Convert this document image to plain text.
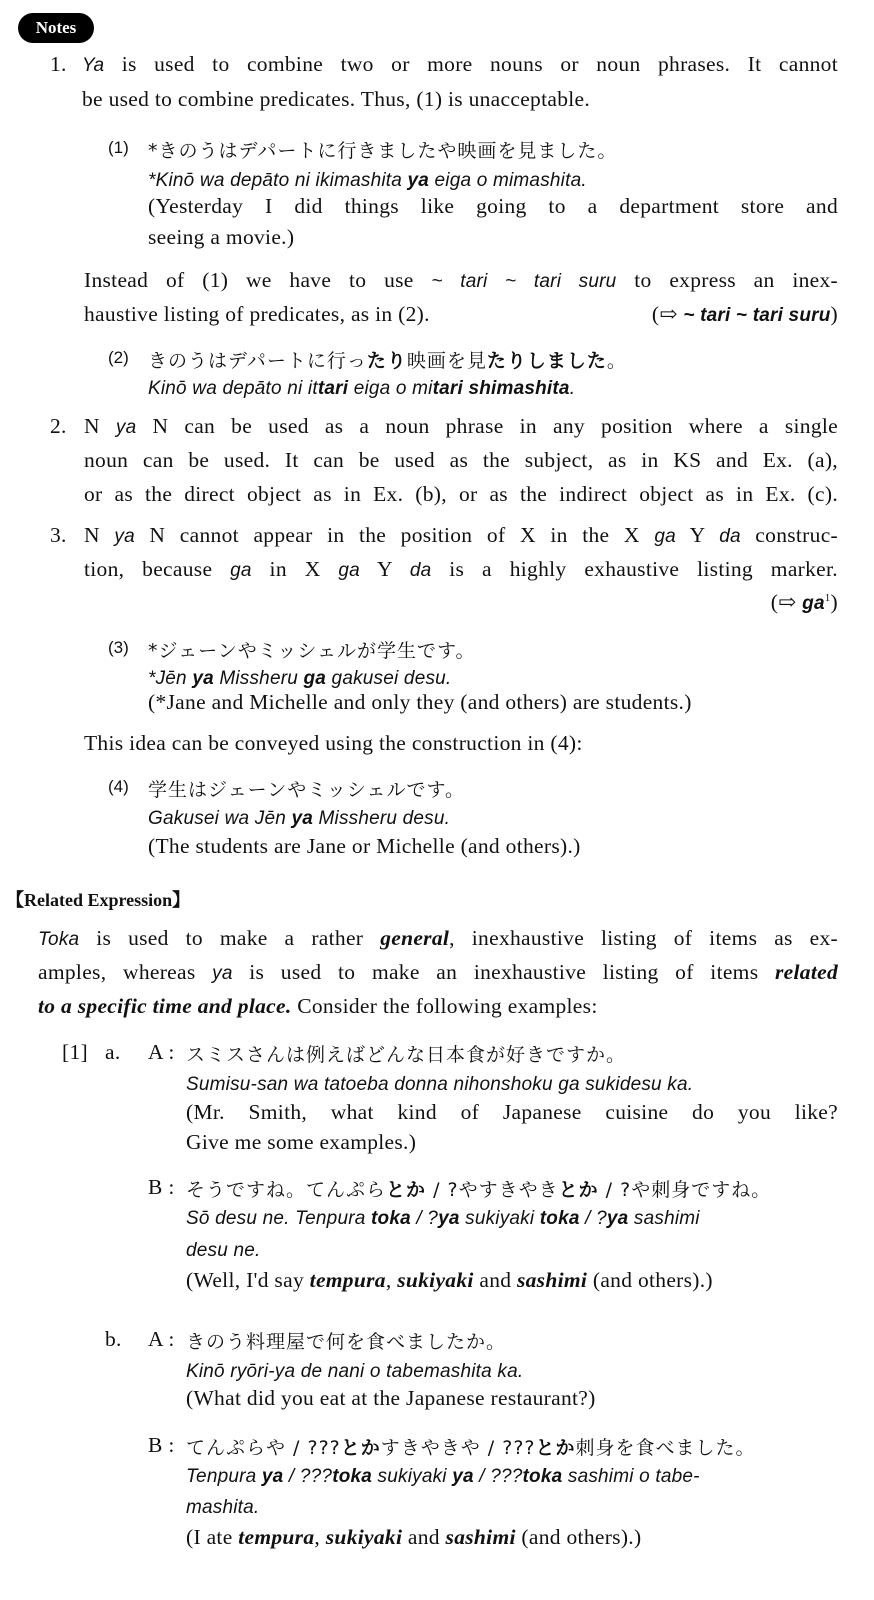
Notes
1. Ya is used to combine two or more nouns or noun phrases. It cannot
be used to combine predicates. Thus, (1) is unacceptable.
(1) *きのうはデパートに行きましたや映画を見ました。
*Kinō wa depāto ni ikimashita ya eiga o mimashita.
(Yesterday I did things like going to a department store and
seeing a movie.)
Instead of (1) we have to use ~ tari ~ tari suru to express an inex-
haustive listing of predicates, as in (2).	(⇨ ~ tari ~ tari suru)
(2) きのうはデパートに行ったり映画を見たりしました。
Kinō wa depāto ni ittari eiga o mitari shimashita.
2. N ya N can be used as a noun phrase in any position where a single
noun can be used. It can be used as the subject, as in KS and Ex. (a),
or as the direct object as in Ex. (b), or as the indirect object as in Ex. (c).
3. N ya N cannot appear in the position of X in the X ga Y da construc-
tion, because ga in X ga Y da is a highly exhaustive listing marker.
(⇨ $ga^1$)
(3) *ジェーンやミッシェルが学生です。
*Jēn ya Missheru ga gakusei desu.
(*Jane and Michelle and only they (and others) are students.)
This idea can be conveyed using the construction in (4):
(4) 学生はジェーンやミッシェルです。
Gakusei wa Jēn ya Missheru desu.
(The students are Jane or Michelle (and others).)
【Related Expression】
Toka is used to make a rather general, inexhaustive listing of items as ex-
amples, whereas ya is used to make an inexhaustive listing of items related
to a specific time and place. Consider the following examples:
[1] a. A : スミスさんは例えばどんな日本食が好きですか。
Sumisu-san wa tatoeba donna nihonshoku ga sukidesu ka.
(Mr. Smith, what kind of Japanese cuisine do you like?
Give me some examples.)
B : そうですね。てんぷらとか / ?やすきやきとか / ?や刺身ですね。
Sō desu ne. Tenpura toka / ?ya sukiyaki toka / ?ya sashimi
desu ne.
(Well, I'd say tempura, sukiyaki and sashimi (and others).)
b. A : きのう料理屋で何を食べましたか。
Kinō ryōri-ya de nani o tabemashita ka.
(What did you eat at the Japanese restaurant?)
B : てんぷらや / ???とかすきやきや / ???とか刺身を食べました。
Tenpura ya / ???toka sukiyaki ya / ???toka sashimi o tabe-
mashita.
(I ate tempura, sukiyaki and sashimi (and others).)
